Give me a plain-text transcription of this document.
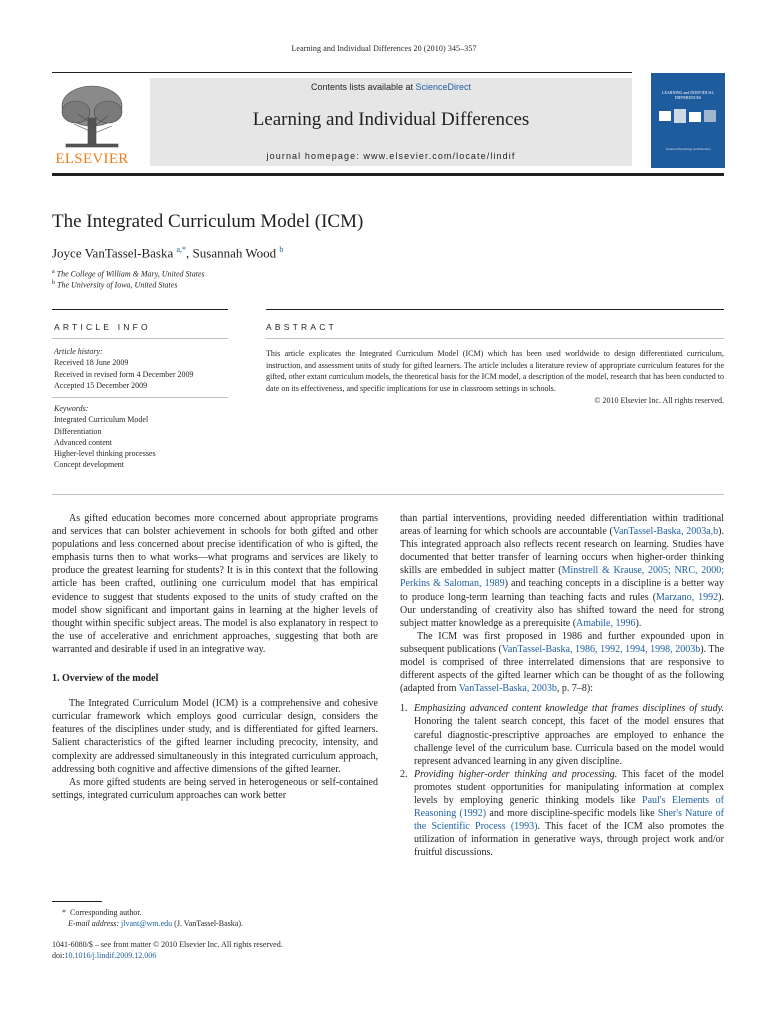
Learning and Individual Differences 20 (2010) 345–357
ELSEVIER
Contents lists available at ScienceDirect
Learning and Individual Differences
journal homepage: www.elsevier.com/locate/lindif
LEARNING and INDIVIDUAL DIFFERENCES
Journal of Psychology and Education
The Integrated Curriculum Model (ICM)
Joyce VanTassel-Baska $^{a,*}$, Susannah Wood $^b$
$^a$ The College of William & Mary, United States
$^b$ The University of Iowa, United States
ARTICLE INFO	ABSTRACT
Article history:
Received 18 June 2009
Received in revised form 4 December 2009
Accepted 15 December 2009
Keywords:
Integrated Curriculum Model
Differentiation
Advanced content
Higher-level thinking processes
Concept development
This article explicates the Integrated Curriculum Model (ICM) which has been used worldwide to design differentiated curriculum, instruction, and assessment units of study for gifted learners. The article includes a literature review of appropriate curriculum features for the gifted, other extant curriculum models, the theoretical basis for the ICM model, a description of the model, research that has been conducted to date on its effectiveness, and specific implications for use in classroom settings in schools.
© 2010 Elsevier Inc. All rights reserved.

As gifted education becomes more concerned about appropriate programs and services that can bolster achievement in schools for both gifted and other populations and less concerned about precise identification of who is gifted, the emphasis turns then to what works—what programs and services are likely to produce the greatest learning for students? It is in this context that the following article has been crafted, outlining one curriculum model that has empirical evidence to suggest that students exposed to the units of study crafted on the model show significant and important gains in learning at the higher levels of thought within specific subject areas. The model is also explanatory in respect to the use of accelerative and enrichment approaches, suggesting that both are warranted and desirable if used in an integrative way.

1. Overview of the model

The Integrated Curriculum Model (ICM) is a comprehensive and cohesive curricular framework which employs good curricular design, considers the features of the disciplines under study, and is differentiated for gifted learners. Salient characteristics of the gifted learner including precocity, intensity, and complexity are addressed simultaneously in this integrated curriculum approach, addressing both cognitive and affective dimensions of the gifted learner.

As more gifted students are being served in heterogeneous or self-contained settings, integrated curriculum approaches can work better

than partial interventions, providing needed differentiation within traditional areas of learning for which schools are accountable (VanTassel-Baska, 2003a,b). This integrated approach also reflects recent research on learning. Studies have documented that better transfer of learning occurs when higher-order thinking skills are embedded in subject matter (Minstrell & Krause, 2005; NRC, 2000; Perkins & Saloman, 1989) and teaching concepts in a discipline is a better way to produce long-term learning than teaching facts and rules (Marzano, 1992). Our understanding of creativity also has shifted toward the need for strong subject matter knowledge as a prerequisite (Amabile, 1996).

The ICM was first proposed in 1986 and further expounded upon in subsequent publications (VanTassel-Baska, 1986, 1992, 1994, 1998, 2003b). The model is comprised of three interrelated dimensions that are responsive to different aspects of the gifted learner which can be thought of as the following (adapted from VanTassel-Baska, 2003b, p. 7–8):

1. Emphasizing advanced content knowledge that frames disciplines of study. Honoring the talent search concept, this facet of the model ensures that careful diagnostic-prescriptive approaches are employed to enhance the challenge level of the curriculum base. Curricula based on the model would represent advanced learning in any given discipline.
2. Providing higher-order thinking and processing. This facet of the model promotes student opportunities for manipulating information at complex levels by employing generic thinking models like Paul's Elements of Reasoning (1992) and more discipline-specific models like Sher's Nature of the Scientific Process (1993). This facet of the ICM also promotes the utilization of information in generative ways, through project work and/or fruitful discussions.
* Corresponding author.
E-mail address: jlvant@wm.edu (J. VanTassel-Baska).
1041-6080/$ – see front matter © 2010 Elsevier Inc. All rights reserved.
doi:10.1016/j.lindif.2009.12.006
